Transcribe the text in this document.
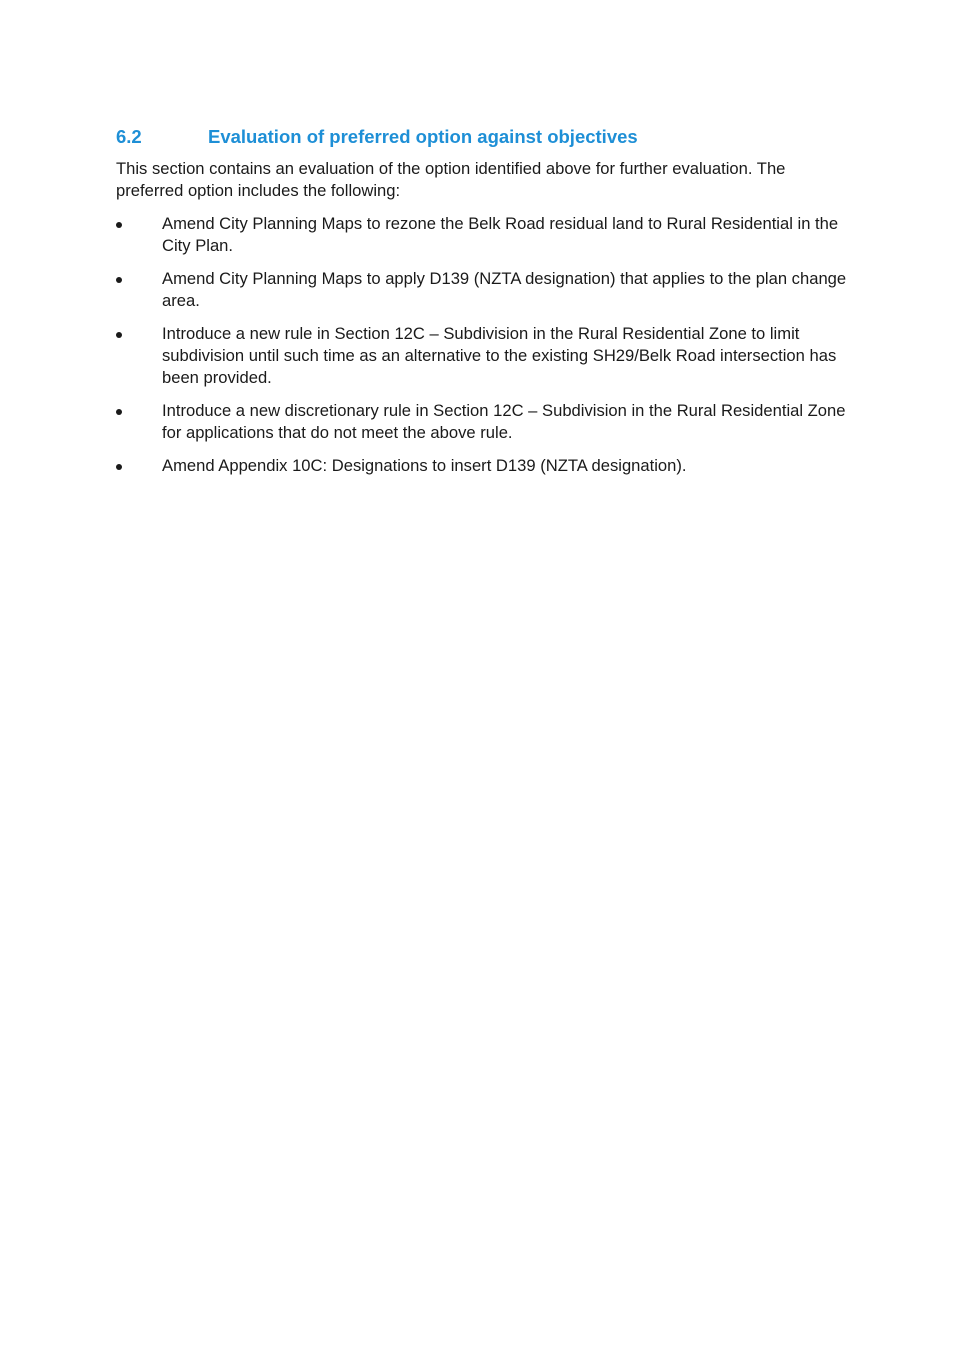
6.2	Evaluation of preferred option against objectives

This section contains an evaluation of the option identified above for further evaluation. The preferred option includes the following:

Amend City Planning Maps to rezone the Belk Road residual land to Rural Residential in the City Plan.
Amend City Planning Maps to apply D139 (NZTA designation) that applies to the plan change area.
Introduce a new rule in Section 12C – Subdivision in the Rural Residential Zone to limit subdivision until such time as an alternative to the existing SH29/Belk Road intersection has been provided.
Introduce a new discretionary rule in Section 12C – Subdivision in the Rural Residential Zone for applications that do not meet the above rule.
Amend Appendix 10C: Designations to insert D139 (NZTA designation).
